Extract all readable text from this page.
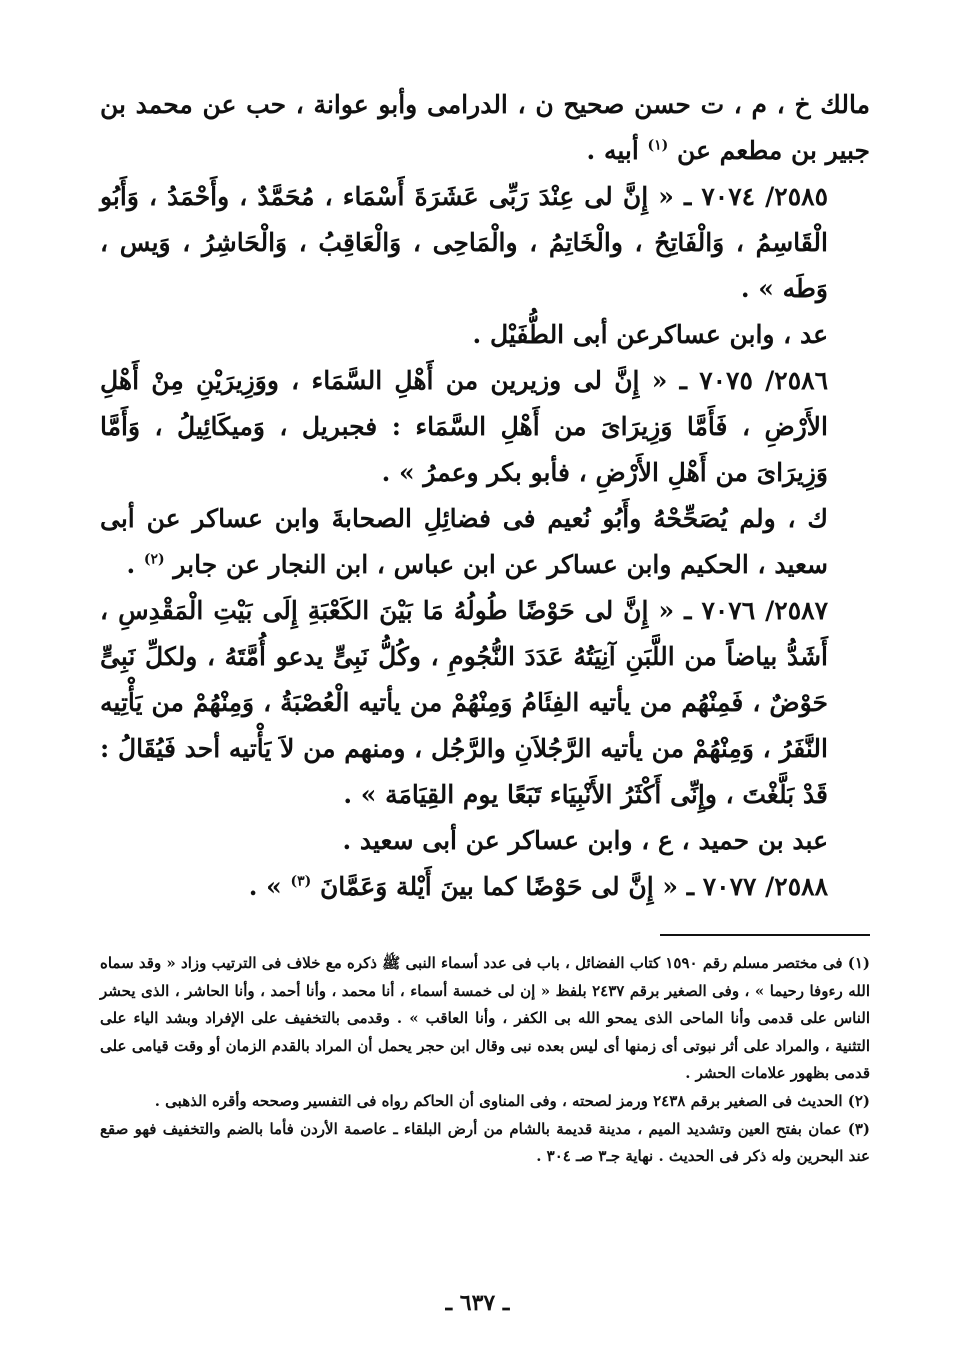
مالك خ ، م ، ت حسن صحيح ن ، الدرامى وأبو عوانة ، حب عن محمد بن جبير بن مطعم عن $^{(١)}$ أبيه .

٢٥٨٥/ ٧٠٧٤ ـ « إِنَّ لى عِنْدَ رَبِّى عَشَرَةَ أَسْمَاء ، مُحَمَّدٌ ، وأَحْمَدُ ، وَأَبُو الْقَاسِمُ ، وَالْفَاتِحُ ، والْخَاتِمُ ، والْمَاحِى ، وَالْعَاقِبُ ، وَالْحَاشِرُ ، وَيس ، وَطَه » .

عد ، وابن عساكرعن أبى الطُّفَيْل .

٢٥٨٦/ ٧٠٧٥ ـ « إِنَّ لى وزيرين من أَهْلِ السَّمَاء ، ووَزِيرَيْنِ مِنْ أَهْلِ الأَرْضِ ، فَأَمَّا وَزِيرَاىَ من أَهْلِ السَّمَاء : فجبريل ، وَميكَائِيلُ ، وَأَمَّا وَزِيرَاىَ من أَهْلِ الأَرْضِ ، فأبو بكر وعمرُ » .

ك ، ولم يُصَحِّحْهُ وأَبُو نُعيم فى فضائِلِ الصحابةَ وابن عساكر عن أبى سعيد ، الحكيم وابن عساكر عن ابن عباس ، ابن النجار عن جابر $^{(٢)}$ .

٢٥٨٧/ ٧٠٧٦ ـ « إِنَّ لى حَوْضًا طُولُهُ مَا بَيْنَ الكَعْبَةِ إِلَى بَيْتِ الْمَقْدِسِ ، أَشَدُّ بياضاً من اللَّبَنِ آنِيَتُهُ عَدَدَ النُّجُومِ ، وكُلُّ نَبِىٍّ يدعو أُمَّتَهُ ، ولكلِّ نَبِىٍّ حَوْضٌ ، فَمِنْهُم من يأتيه الفِئَامُ وَمِنْهُمْ من يأتيه الْعُصْبَةُ ، وَمِنْهُمْ من يَأْتِيه النَّفَرُ ، وَمِنْهُمْ من يأتيه الرَّجُلاَنِ والرَّجُل ، ومنهم من لاَ يَأْتيه أحد فَيُقَالُ : قَدْ بَلَّغْتَ ، وإِنِّى أَكْثَرُ الأَنْبِيَاء تَبَعًا يوم القِيَامَة » .

عبد بن حميد ، ع ، وابن عساكر عن أبى سعيد .

٢٥٨٨/ ٧٠٧٧ ـ « إِنَّ لى حَوْضًا كما بينَ أَيْلة وَعَمَّانَ $^{(٣)}$ » .

(١) فى مختصر مسلم رقم ١٥٩٠ كتاب الفضائل ، باب فى عدد أسماء النبى ﷺ ذكره مع خلاف فى الترتيب وزاد « وقد سماه الله رءوفا رحيما » ، وفى الصغير برقم ٢٤٣٧ بلفظ « إن لى خمسة أسماء ، أنا محمد ، وأنا أحمد ، وأنا الحاشر ، الذى يحشر الناس على قدمى وأنا الماحى الذى يمحو الله بى الكفر ، وأنا العاقب » . وقدمى بالتخفيف على الإفراد وبشد الياء على التثنية ، والمراد على أثر نبوتى أى زمنها أى ليس بعده نبى وقال ابن حجر يحمل أن المراد بالقدم الزمان أو وقت قيامى على قدمى بظهور علامات الحشر .

(٢) الحديث فى الصغير برقم ٢٤٣٨ ورمز لصحته ، وفى المناوى أن الحاكم رواه فى التفسير وصححه وأقره الذهبى .

(٣) عمان بفتح العين وتشديد الميم ، مدينة قديمة بالشام من أرض البلقاء ـ عاصمة الأردن فأما بالضم والتخفيف فهو صقع عند البحرين وله ذكر فى الحديث . نهاية جـ٣ صـ ٣٠٤ .

ـ ٦٣٧ ـ
